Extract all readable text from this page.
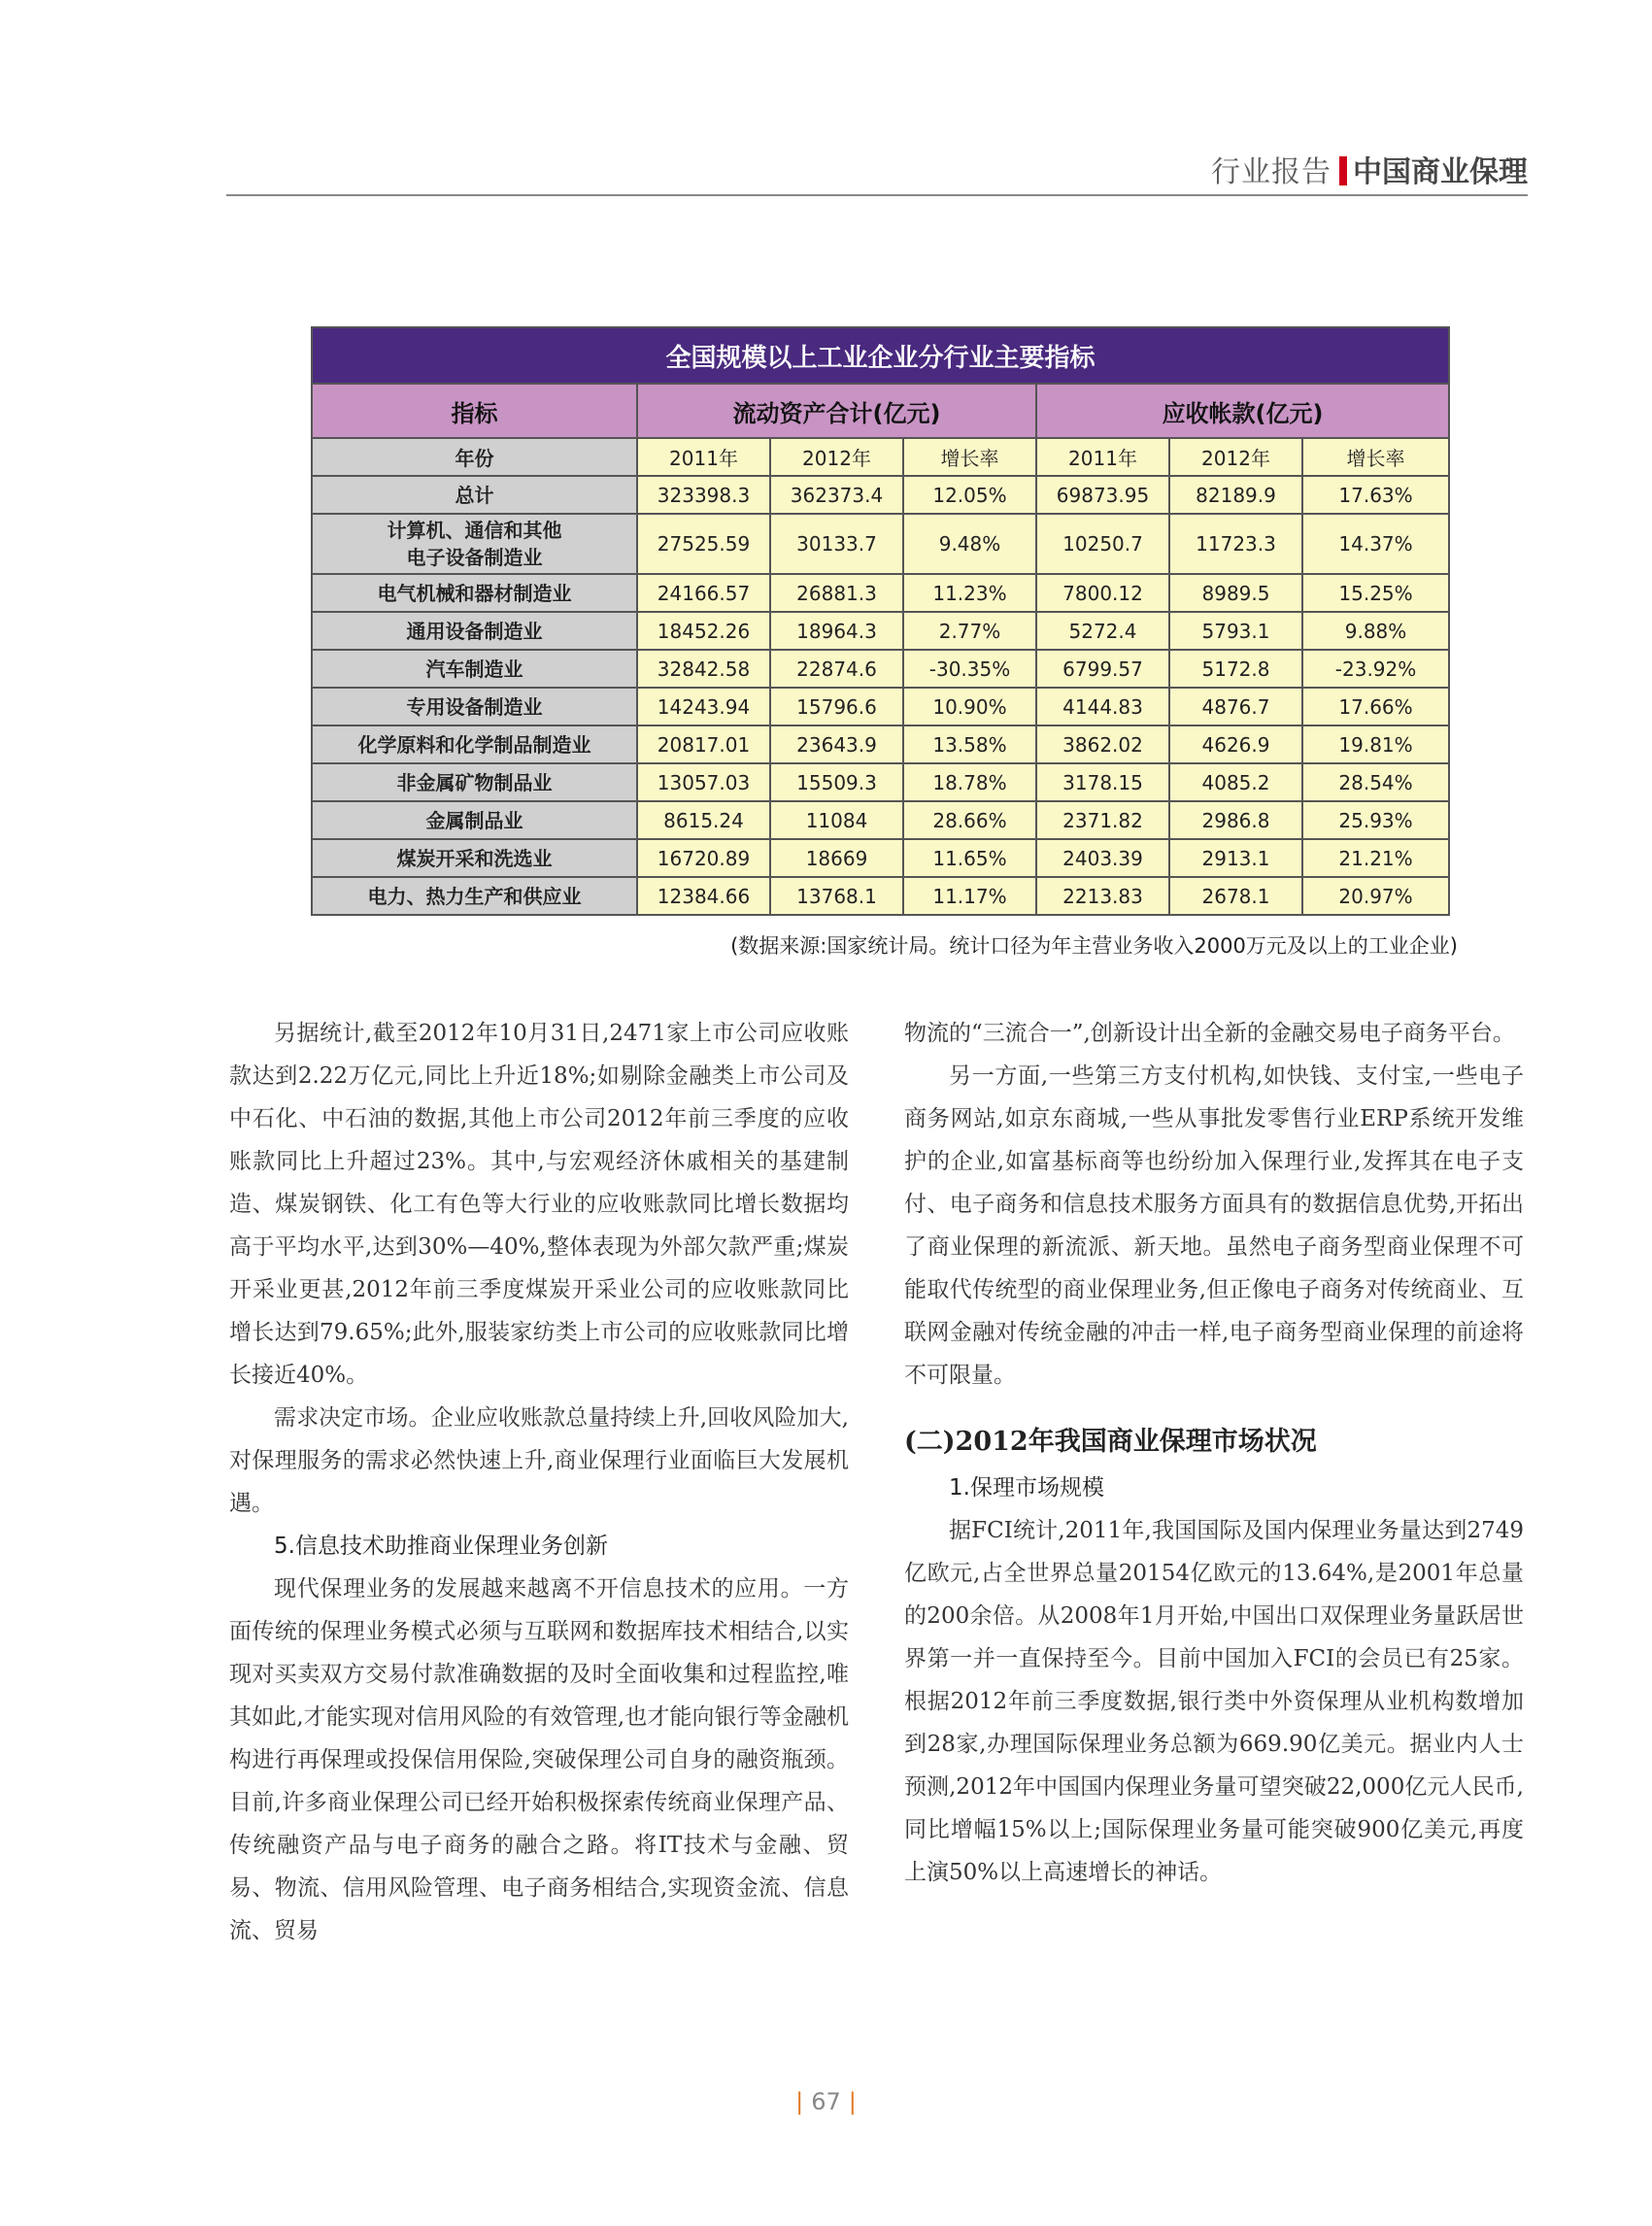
行业报告 中国商业保理
全国规模以上工业企业分行业主要指标						
指标	流动资产合计(亿元)			应收帐款(亿元)		
年份	2011年	2012年	增长率	2011年	2012年	增长率
总计	323398.3	362373.4	12.05%	69873.95	82189.9	17.63%
计算机、通信和其他
电子设备制造业	27525.59	30133.7	9.48%	10250.7	11723.3	14.37%
电气机械和器材制造业	24166.57	26881.3	11.23%	7800.12	8989.5	15.25%
通用设备制造业	18452.26	18964.3	2.77%	5272.4	5793.1	9.88%
汽车制造业	32842.58	22874.6	-30.35%	6799.57	5172.8	-23.92%
专用设备制造业	14243.94	15796.6	10.90%	4144.83	4876.7	17.66%
化学原料和化学制品制造业	20817.01	23643.9	13.58%	3862.02	4626.9	19.81%
非金属矿物制品业	13057.03	15509.3	18.78%	3178.15	4085.2	28.54%
金属制品业	8615.24	11084	28.66%	2371.82	2986.8	25.93%
煤炭开采和洗选业	16720.89	18669	11.65%	2403.39	2913.1	21.21%
电力、热力生产和供应业	12384.66	13768.1	11.17%	2213.83	2678.1	20.97%
(数据来源:国家统计局。统计口径为年主营业务收入2000万元及以上的工业企业)

另据统计,截至2012年10月31日,2471家上市公司应收账款达到2.22万亿元,同比上升近18%;如剔除金融类上市公司及中石化、中石油的数据,其他上市公司2012年前三季度的应收账款同比上升超过23%。其中,与宏观经济休戚相关的基建制造、煤炭钢铁、化工有色等大行业的应收账款同比增长数据均高于平均水平,达到30%—40%,整体表现为外部欠款严重;煤炭开采业更甚,2012年前三季度煤炭开采业公司的应收账款同比增长达到79.65%;此外,服装家纺类上市公司的应收账款同比增长接近40%。

需求决定市场。企业应收账款总量持续上升,回收风险加大,对保理服务的需求必然快速上升,商业保理行业面临巨大发展机遇。

5.信息技术助推商业保理业务创新

现代保理业务的发展越来越离不开信息技术的应用。一方面传统的保理业务模式必须与互联网和数据库技术相结合,以实现对买卖双方交易付款准确数据的及时全面收集和过程监控,唯其如此,才能实现对信用风险的有效管理,也才能向银行等金融机构进行再保理或投保信用保险,突破保理公司自身的融资瓶颈。目前,许多商业保理公司已经开始积极探索传统商业保理产品、传统融资产品与电子商务的融合之路。将IT技术与金融、贸易、物流、信用风险管理、电子商务相结合,实现资金流、信息流、贸易

物流的“三流合一”,创新设计出全新的金融交易电子商务平台。

另一方面,一些第三方支付机构,如快钱、支付宝,一些电子商务网站,如京东商城,一些从事批发零售行业ERP系统开发维护的企业,如富基标商等也纷纷加入保理行业,发挥其在电子支付、电子商务和信息技术服务方面具有的数据信息优势,开拓出了商业保理的新流派、新天地。虽然电子商务型商业保理不可能取代传统型的商业保理业务,但正像电子商务对传统商业、互联网金融对传统金融的冲击一样,电子商务型商业保理的前途将不可限量。

(二)2012年我国商业保理市场状况

1.保理市场规模

据FCI统计,2011年,我国国际及国内保理业务量达到2749亿欧元,占全世界总量20154亿欧元的13.64%,是2001年总量的200余倍。从2008年1月开始,中国出口双保理业务量跃居世界第一并一直保持至今。目前中国加入FCI的会员已有25家。根据2012年前三季度数据,银行类中外资保理从业机构数增加到28家,办理国际保理业务总额为669.90亿美元。据业内人士预测,2012年中国国内保理业务量可望突破22,000亿元人民币,同比增幅15%以上;国际保理业务量可能突破900亿美元,再度上演50%以上高速增长的神话。

| 67 |
